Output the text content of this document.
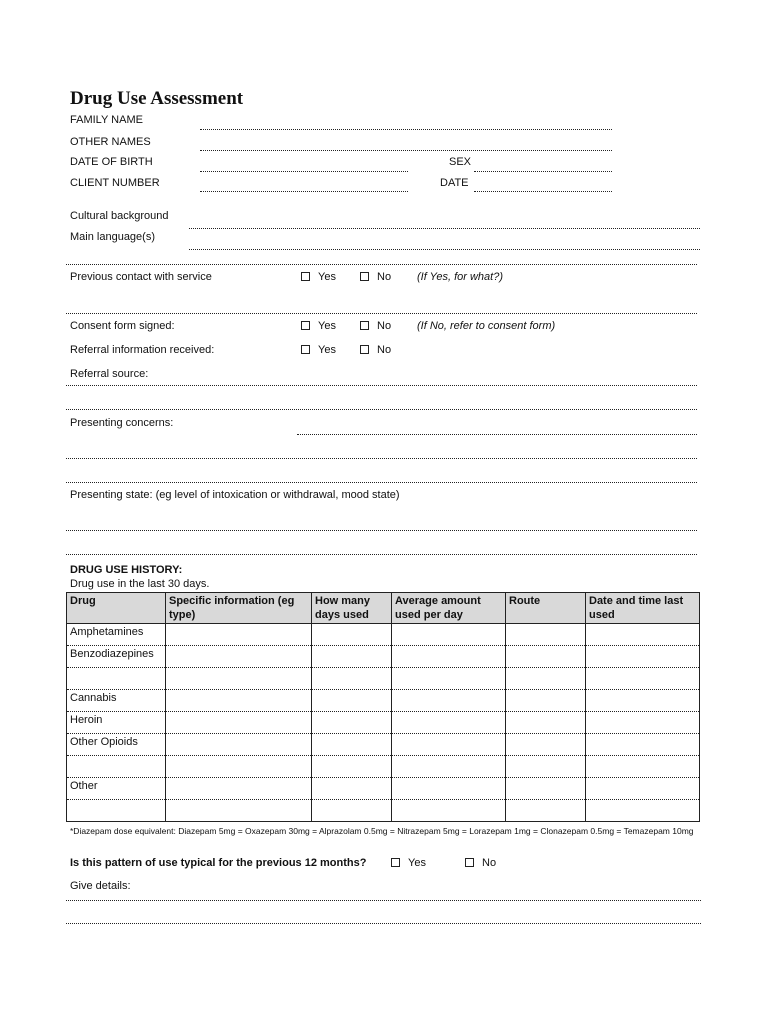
Drug Use Assessment
FAMILY NAME
OTHER NAMES
DATE OF BIRTH	SEX
CLIENT NUMBER	DATE
Cultural background
Main language(s)
Previous contact with service	Yes	No (If Yes, for what?)
Consent form signed:	Yes	No (If No, refer to consent form)
Referral information received:	Yes	No
Referral source:
Presenting concerns:
Presenting state: (eg level of intoxication or withdrawal, mood state)
DRUG USE HISTORY:
Drug use in the last 30 days.
Drug	Specific information (eg type)	How many days used	Average amount used per day	Route	Date and time last used
Amphetamines					
Benzodiazepines					

Cannabis					
Heroin					
Other Opioids					

Other					

*Diazepam dose equivalent: Diazepam 5mg = Oxazepam 30mg = Alprazolam 0.5mg = Nitrazepam 5mg = Lorazepam 1mg = Clonazepam 0.5mg = Temazepam 10mg
Is this pattern of use typical for the previous 12 months?	Yes	No
Give details:
